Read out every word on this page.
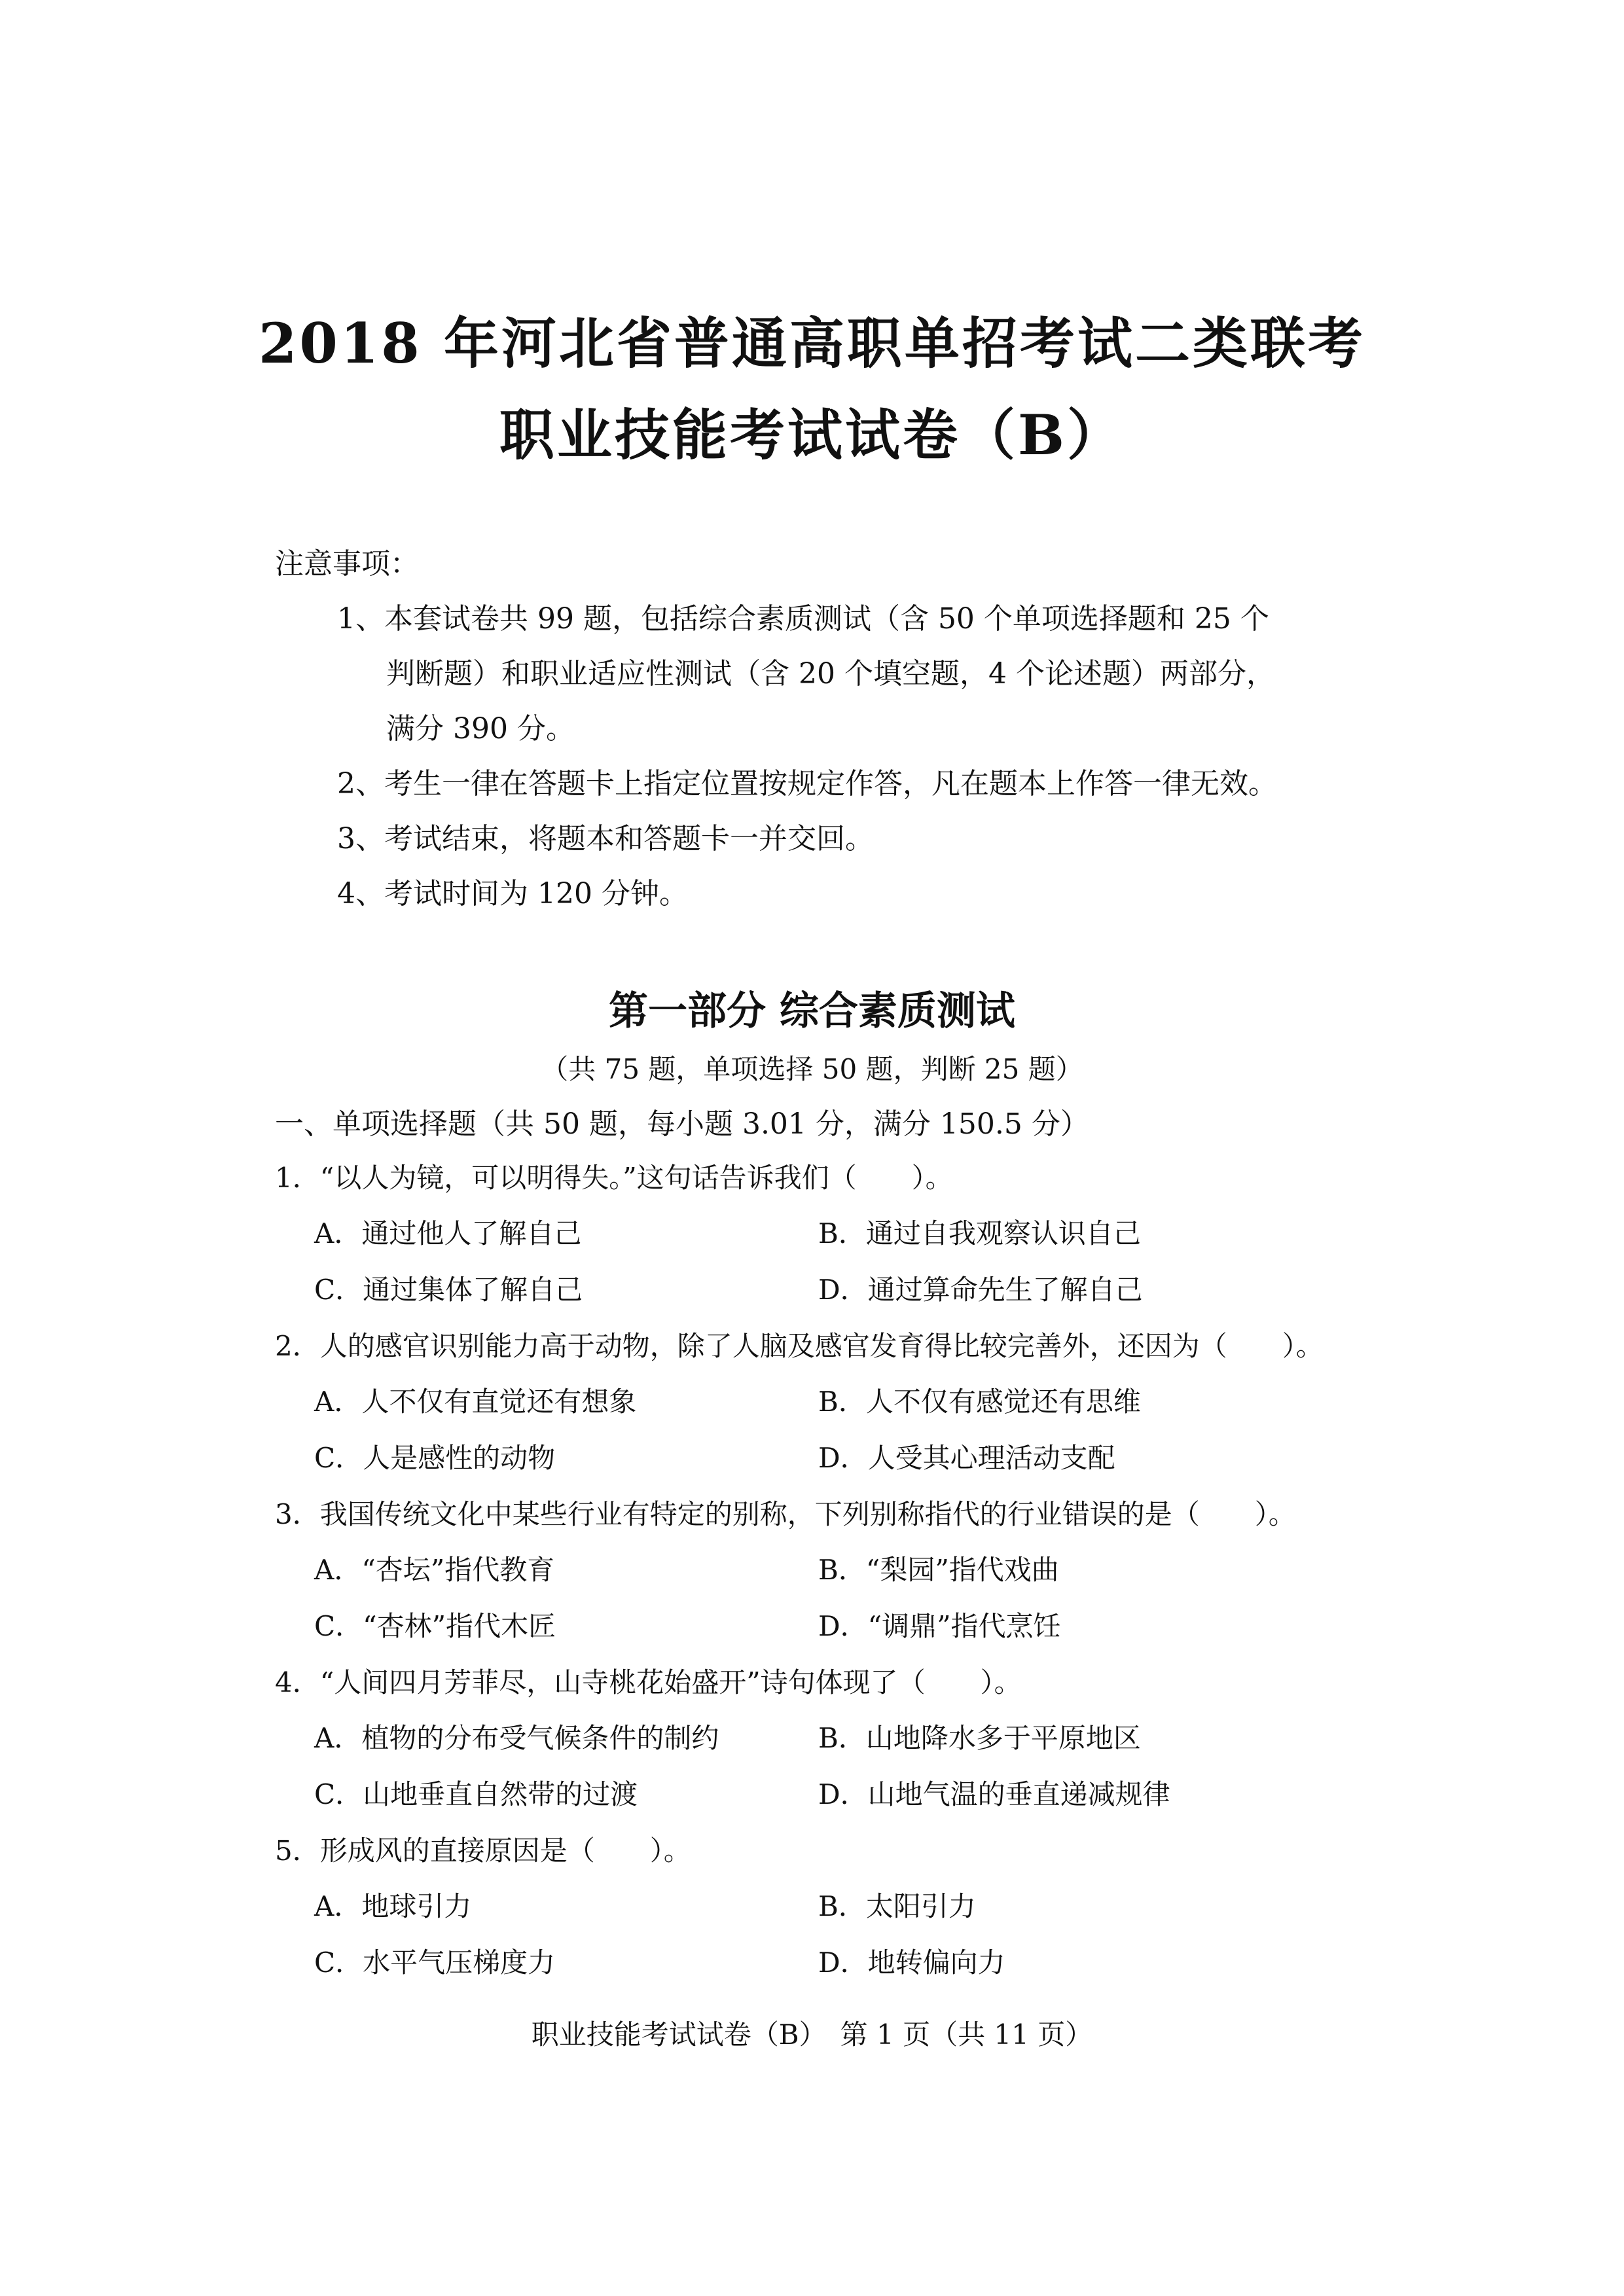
2018 年河北省普通高职单招考试二类联考
职业技能考试试卷（B）
注意事项：
1、本套试卷共 99 题，包括综合素质测试（含 50 个单项选择题和 25 个
判断题）和职业适应性测试（含 20 个填空题，4 个论述题）两部分，
满分 390 分。
2、考生一律在答题卡上指定位置按规定作答，凡在题本上作答一律无效。
3、考试结束，将题本和答题卡一并交回。
4、考试时间为 120 分钟。
第一部分 综合素质测试
（共 75 题，单项选择 50 题，判断 25 题）
一、单项选择题（共 50 题，每小题 3.01 分，满分 150.5 分）
1．“以人为镜，可以明得失。”这句话告诉我们（　　）。
A．通过他人了解自己	B．通过自我观察认识自己
C．通过集体了解自己	D．通过算命先生了解自己
2．人的感官识别能力高于动物，除了人脑及感官发育得比较完善外，还因为（　　）。
A．人不仅有直觉还有想象	B．人不仅有感觉还有思维
C．人是感性的动物	D．人受其心理活动支配
3．我国传统文化中某些行业有特定的别称，下列别称指代的行业错误的是（　　）。
A．“杏坛”指代教育	B．“梨园”指代戏曲
C．“杏林”指代木匠	D．“调鼎”指代烹饪
4．“人间四月芳菲尽，山寺桃花始盛开”诗句体现了（　　）。
A．植物的分布受气候条件的制约	B．山地降水多于平原地区
C．山地垂直自然带的过渡	D．山地气温的垂直递减规律
5．形成风的直接原因是（　　）。
A．地球引力	B．太阳引力
C．水平气压梯度力	D．地转偏向力
职业技能考试试卷（B）　第 1 页（共 11 页）
